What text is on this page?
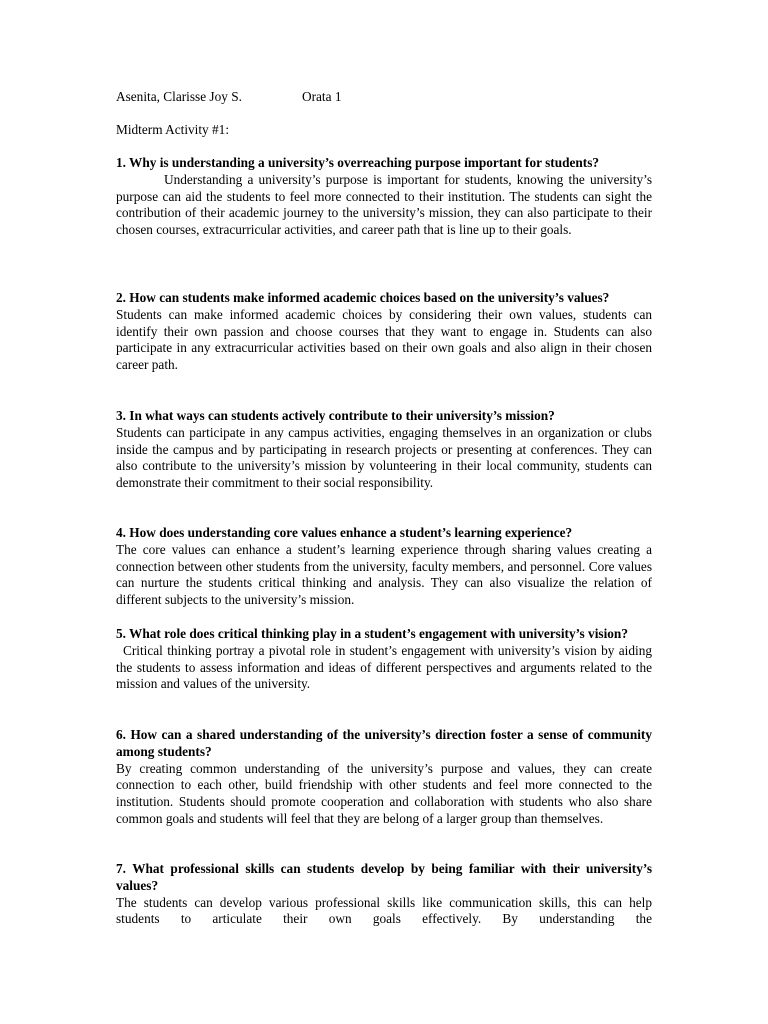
Asenita, Clarisse Joy S.	Orata 1
Midterm Activity #1:

1. Why is understanding a university’s overreaching purpose important for students?

Understanding a university’s purpose is important for students, knowing the university’s purpose can aid the students to feel more connected to their institution. The students can sight the contribution of their academic journey to the university’s mission, they can also participate to their chosen courses, extracurricular activities, and career path that is line up to their goals.

2. How can students make informed academic choices based on the university’s values?

Students can make informed academic choices by considering their own values, students can identify their own passion and choose courses that they want to engage in. Students can also participate in any extracurricular activities based on their own goals and also align in their chosen career path.

3. In what ways can students actively contribute to their university’s mission?

Students can participate in any campus activities, engaging themselves in an organization or clubs inside the campus and by participating in research projects or presenting at conferences. They can also contribute to the university’s mission by volunteering in their local community, students can demonstrate their commitment to their social responsibility.

4. How does understanding core values enhance a student’s learning experience?

The core values can enhance a student’s learning experience through sharing values creating a connection between other students from the university, faculty members, and personnel. Core values can nurture the students critical thinking and analysis. They can also visualize the relation of different subjects to the university’s mission.

5. What role does critical thinking play in a student’s engagement with university’s vision?

Critical thinking portray a pivotal role in student’s engagement with university’s vision by aiding the students to assess information and ideas of different perspectives and arguments related to the mission and values of the university.

6. How can a shared understanding of the university’s direction foster a sense of community among students?

By creating common understanding of the university’s purpose and values, they can create connection to each other, build friendship with other students and feel more connected to the institution. Students should promote cooperation and collaboration with students who also share common goals and students will feel that they are belong of a larger group than themselves.

7. What professional skills can students develop by being familiar with their university’s values?

The students can develop various professional skills like communication skills, this can help students to articulate their own goals effectively. By understanding the
